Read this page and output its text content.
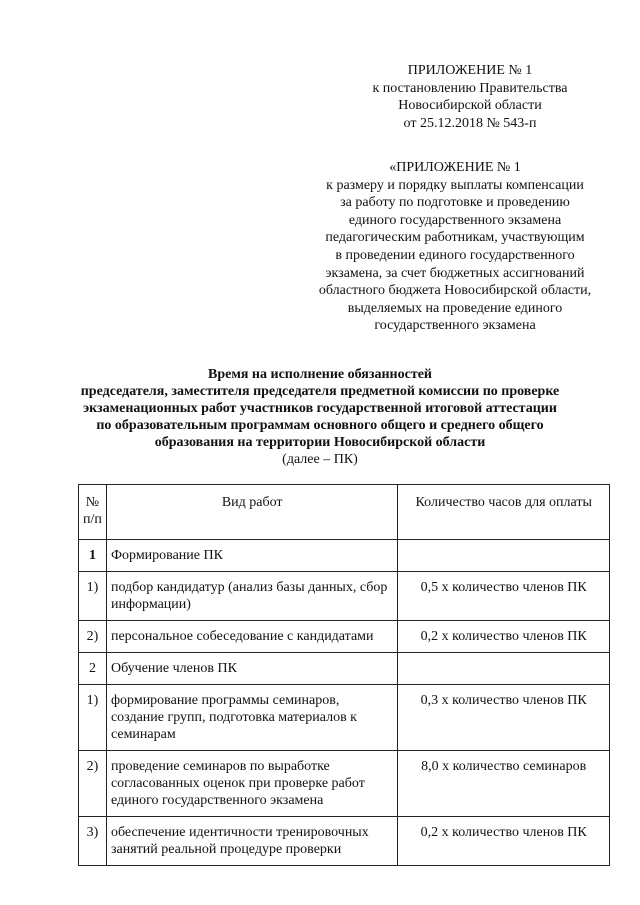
ПРИЛОЖЕНИЕ № 1
к постановлению Правительства
Новосибирской области
от 25.12.2018 № 543-п
«ПРИЛОЖЕНИЕ № 1
к размеру и порядку выплаты компенсации
за работу по подготовке и проведению
единого государственного экзамена
педагогическим работникам, участвующим
в проведении единого государственного
экзамена, за счет бюджетных ассигнований
областного бюджета Новосибирской области,
выделяемых на проведение единого
государственного экзамена
Время на исполнение обязанностей
председателя, заместителя председателя предметной комиссии по проверке
экзаменационных работ участников государственной итоговой аттестации
по образовательным программам основного общего и среднего общего
образования на территории Новосибирской области
(далее – ПК)
№ п/п	Вид работ	Количество часов для оплаты
1	Формирование ПК	
1)	подбор кандидатур (анализ базы данных, сбор информации)	0,5 х количество членов ПК
2)	персональное собеседование с кандидатами	0,2 х количество членов ПК
2	Обучение членов ПК	
1)	формирование программы семинаров, создание групп, подготовка материалов к семинарам	0,3 х количество членов ПК
2)	проведение семинаров по выработке согласованных оценок при проверке работ единого государственного экзамена	8,0 х количество семинаров
3)	обеспечение идентичности тренировочных занятий реальной процедуре проверки	0,2 х количество членов ПК
